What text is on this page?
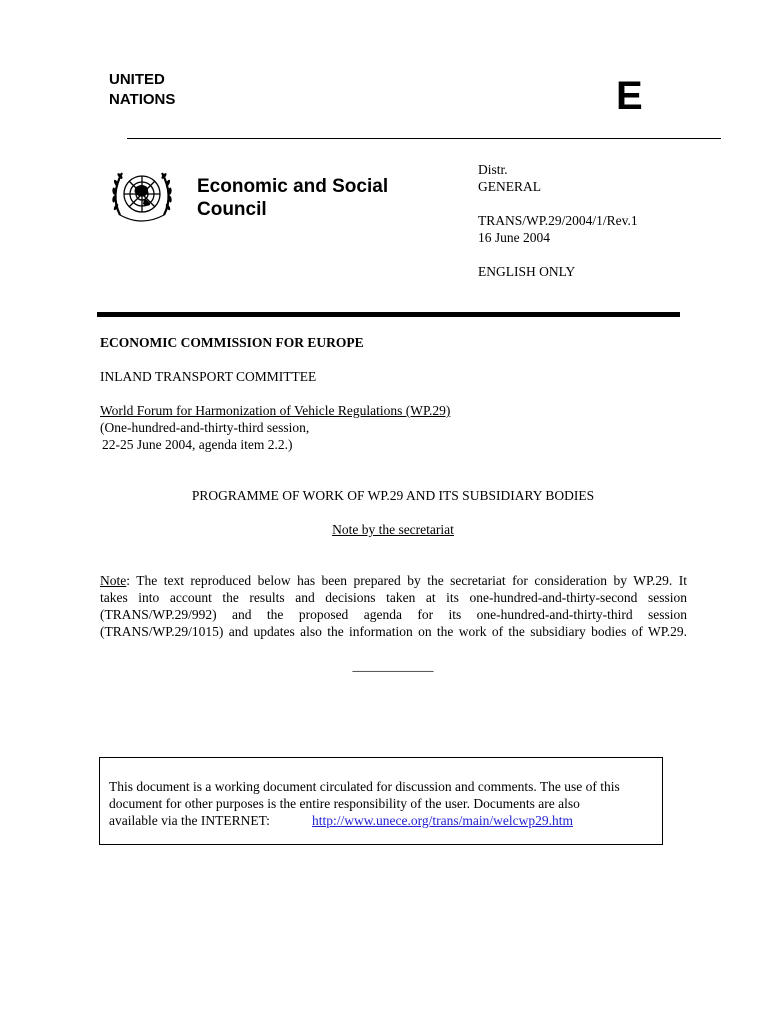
UNITED
NATIONS	E
Economic and Social
Council
Distr.
GENERAL
TRANS/WP.29/2004/1/Rev.1
16 June 2004
ENGLISH ONLY
ECONOMIC COMMISSION FOR EUROPE
INLAND TRANSPORT COMMITTEE
World Forum for Harmonization of Vehicle Regulations (WP.29)
(One-hundred-and-thirty-third session,
22-25 June 2004, agenda item 2.2.)
PROGRAMME OF WORK OF WP.29 AND ITS SUBSIDIARY BODIES
Note by the secretariat
Note: The text reproduced below has been prepared by the secretariat for consideration by WP.29. It
takes into account the results and decisions taken at its one-hundred-and-thirty-second session
(TRANS/WP.29/992) and the proposed agenda for its one-hundred-and-thirty-third session
(TRANS/WP.29/1015) and updates also the information on the work of the subsidiary bodies of WP.29.
____________
This document is a working document circulated for discussion and comments. The use of this
document for other purposes is the entire responsibility of the user. Documents are also
available via the INTERNET:	http://www.unece.org/trans/main/welcwp29.htm
